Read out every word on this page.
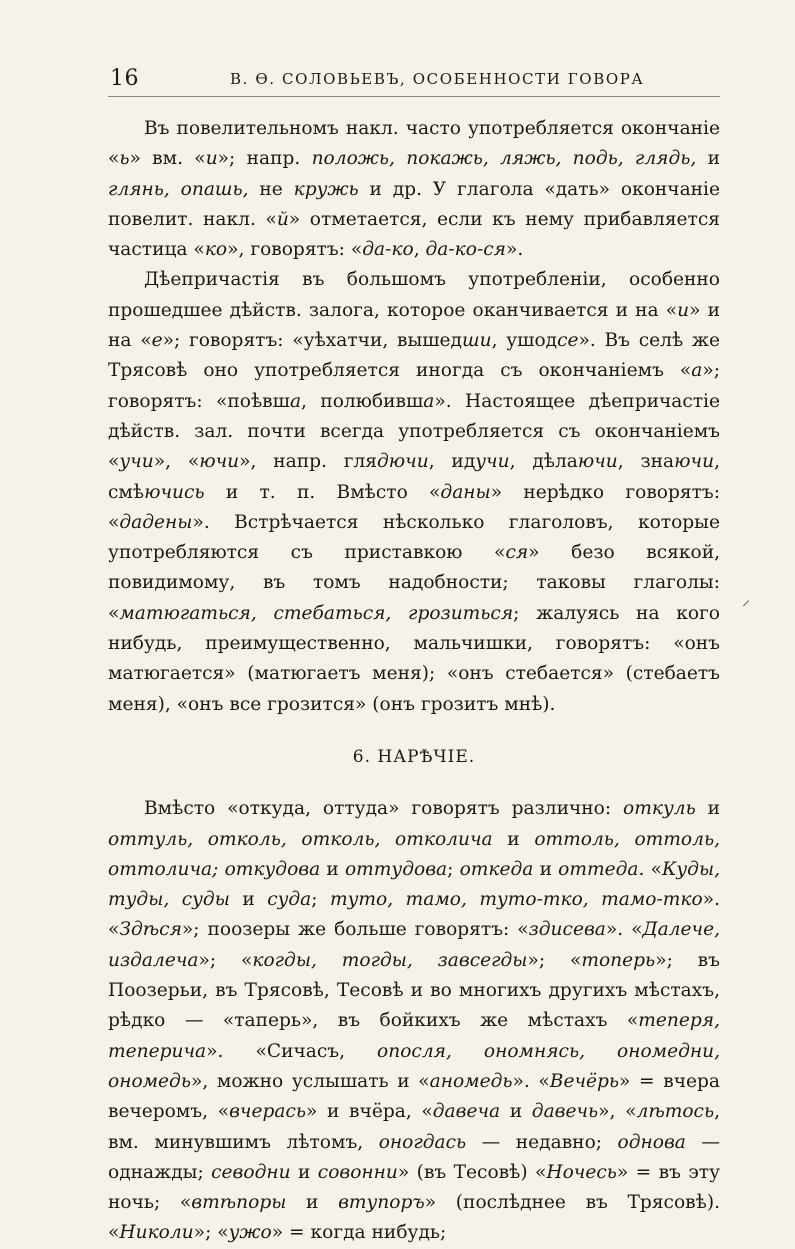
16	В. Ѳ. СОЛОВЬЕВЪ, ОСОБЕННОСТИ ГОВОРА

Въ повелительномъ накл. часто употребляется окончаніе «ь» вм. «и»; напр. положь, покажь, ляжь, подь, глядь, и глянь, опашь, не кружь и др. У глагола «дать» окончаніе повелит. накл. «й» отметается, если къ нему прибавляется частица «ко», говорятъ: «да-ко, да-ко-ся».

Дѣепричастія въ большомъ употребленіи, особенно прошедшее дѣйств. залога, которое оканчивается и на «и» и на «е»; говорятъ: «уѣхатчи, вышедши, ушодсе». Въ селѣ же Трясовѣ оно употребляется иногда съ окончаніемъ «а»; говорятъ: «поѣвша, полюбивша». Настоящее дѣепричастіе дѣйств. зал. почти всегда употребляется съ окончаніемъ «учи», «ючи», напр. глядючи, идучи, дѣлаючи, знаючи, смѣючись и т. п. Вмѣсто «даны» нерѣдко говорятъ: «дадены». Встрѣчается нѣсколько глаголовъ, которые употребляются съ приставкою «ся» безо всякой, повидимому, въ томъ надобности; таковы глаголы: «матюгаться, стебаться, грозиться; жалуясь на кого нибудь, преимущественно, мальчишки, говорятъ: «онъ матюгается» (матюгаетъ меня); «онъ стебается» (стебаетъ меня), «онъ все грозится» (онъ грозитъ мнѣ).

6. НАРѢЧІЕ.

Вмѣсто «откуда, оттуда» говорятъ различно: откуль и оттуль, отколь, отколь, отколича и оттоль, оттоль, оттолича; откудова и оттудова; откеда и оттеда. «Куды, туды, суды и суда; туто, тамо, туто-тко, тамо-тко». «Здѣся»; поозеры же больше говорятъ: «здисева». «Далече, издалеча»; «когды, тогды, завсегды»; «топерь»; въ Поозерьи, въ Трясовѣ, Тесовѣ и во многихъ другихъ мѣстахъ, рѣдко — «таперь», въ бойкихъ же мѣстахъ «теперя, теперича». «Сичасъ, опосля, ономнясь, ономедни, ономедь», можно услышать и «аномедь». «Вечёрь» = вчера вечеромъ, «вчерась» и вчёра, «давеча и давечь», «лѣтось, вм. минувшимъ лѣтомъ, оногдась — недавно; однова — однажды; севодни и совонни» (въ Тесовѣ) «Ночесь» = въ эту ночь; «втѣпоры и втупоръ» (послѣднее въ Трясовѣ). «Николи»; «ужо» = когда нибудь;

⸝
